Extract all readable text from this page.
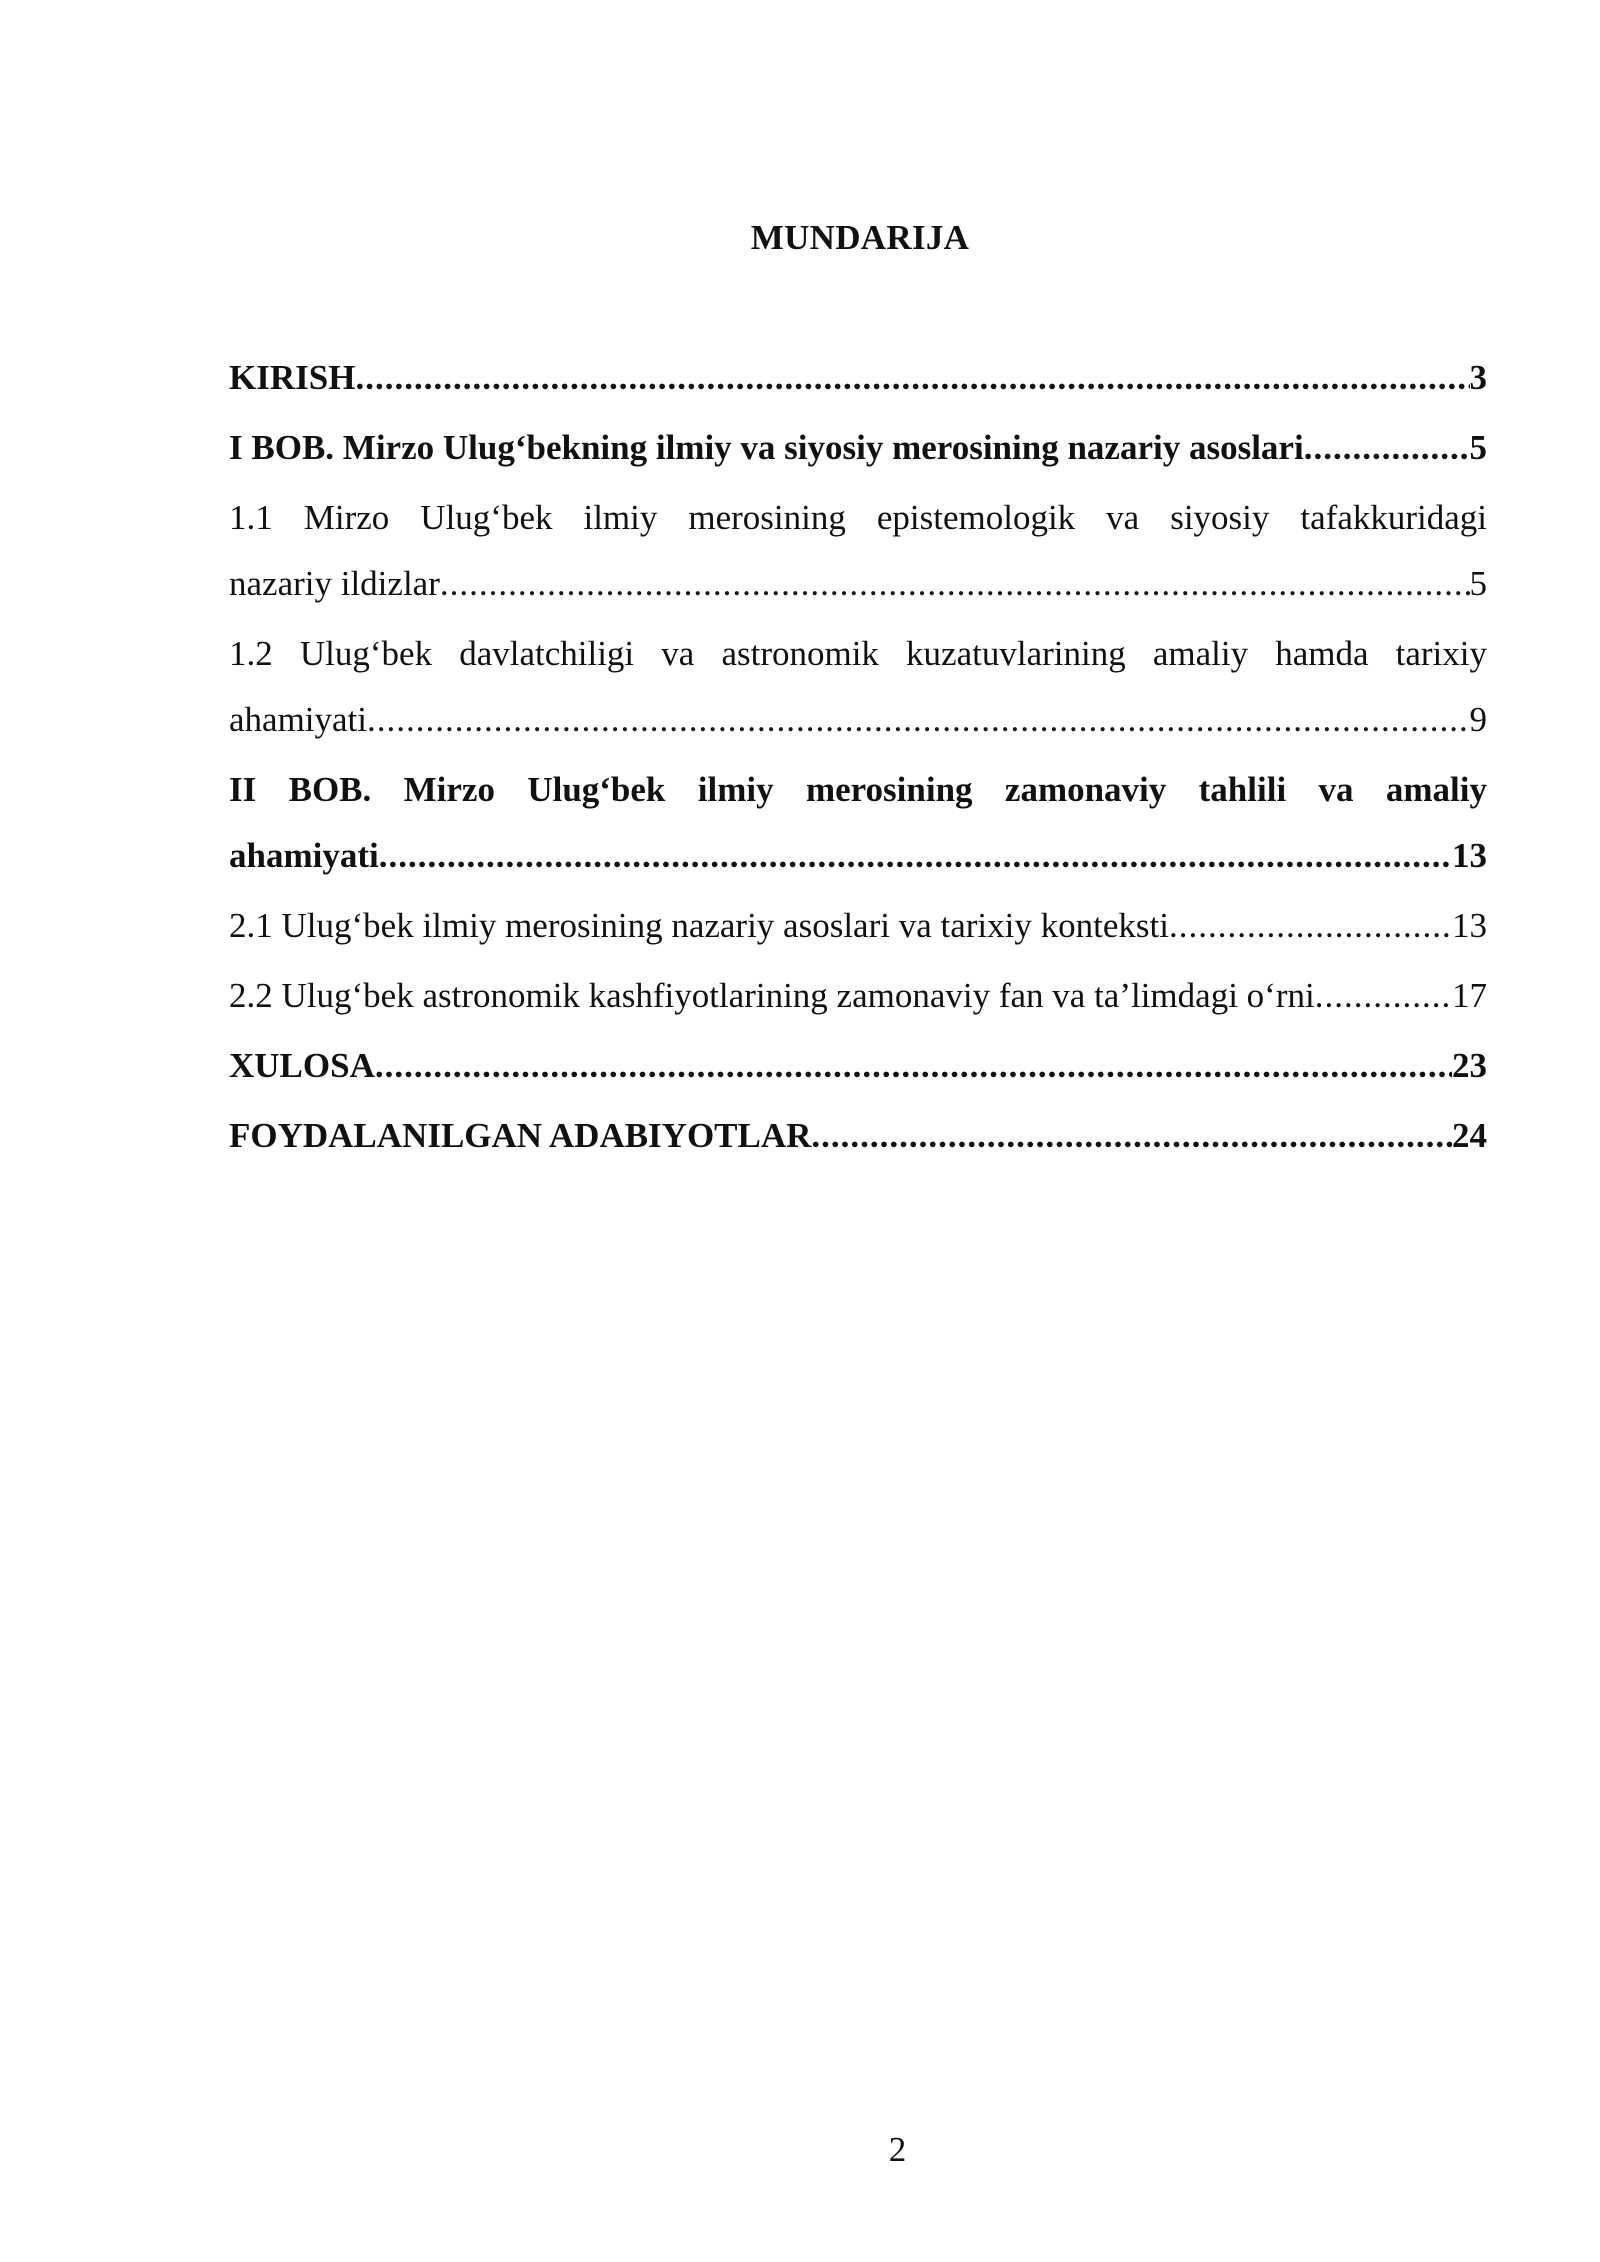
MUNDARIJA
KIRISH .....	3
I BOB. Mirzo Ulug‘bekning ilmiy va siyosiy merosining nazariy asoslari .....	5
1.1 Mirzo Ulug‘bek ilmiy merosining epistemologik va siyosiy tafakkuridagi
nazariy ildizlar .....	5
1.2 Ulug‘bek davlatchiligi va astronomik kuzatuvlarining amaliy hamda tarixiy
ahamiyati .....	9
II BOB. Mirzo Ulug‘bek ilmiy merosining zamonaviy tahlili va amaliy
ahamiyati .....	13
2.1 Ulug‘bek ilmiy merosining nazariy asoslari va tarixiy konteksti .....	13
2.2 Ulug‘bek astronomik kashfiyotlarining zamonaviy fan va ta’limdagi o‘rni .....	17
XULOSA .....	23
FOYDALANILGAN ADABIYOTLAR .....	24
2
